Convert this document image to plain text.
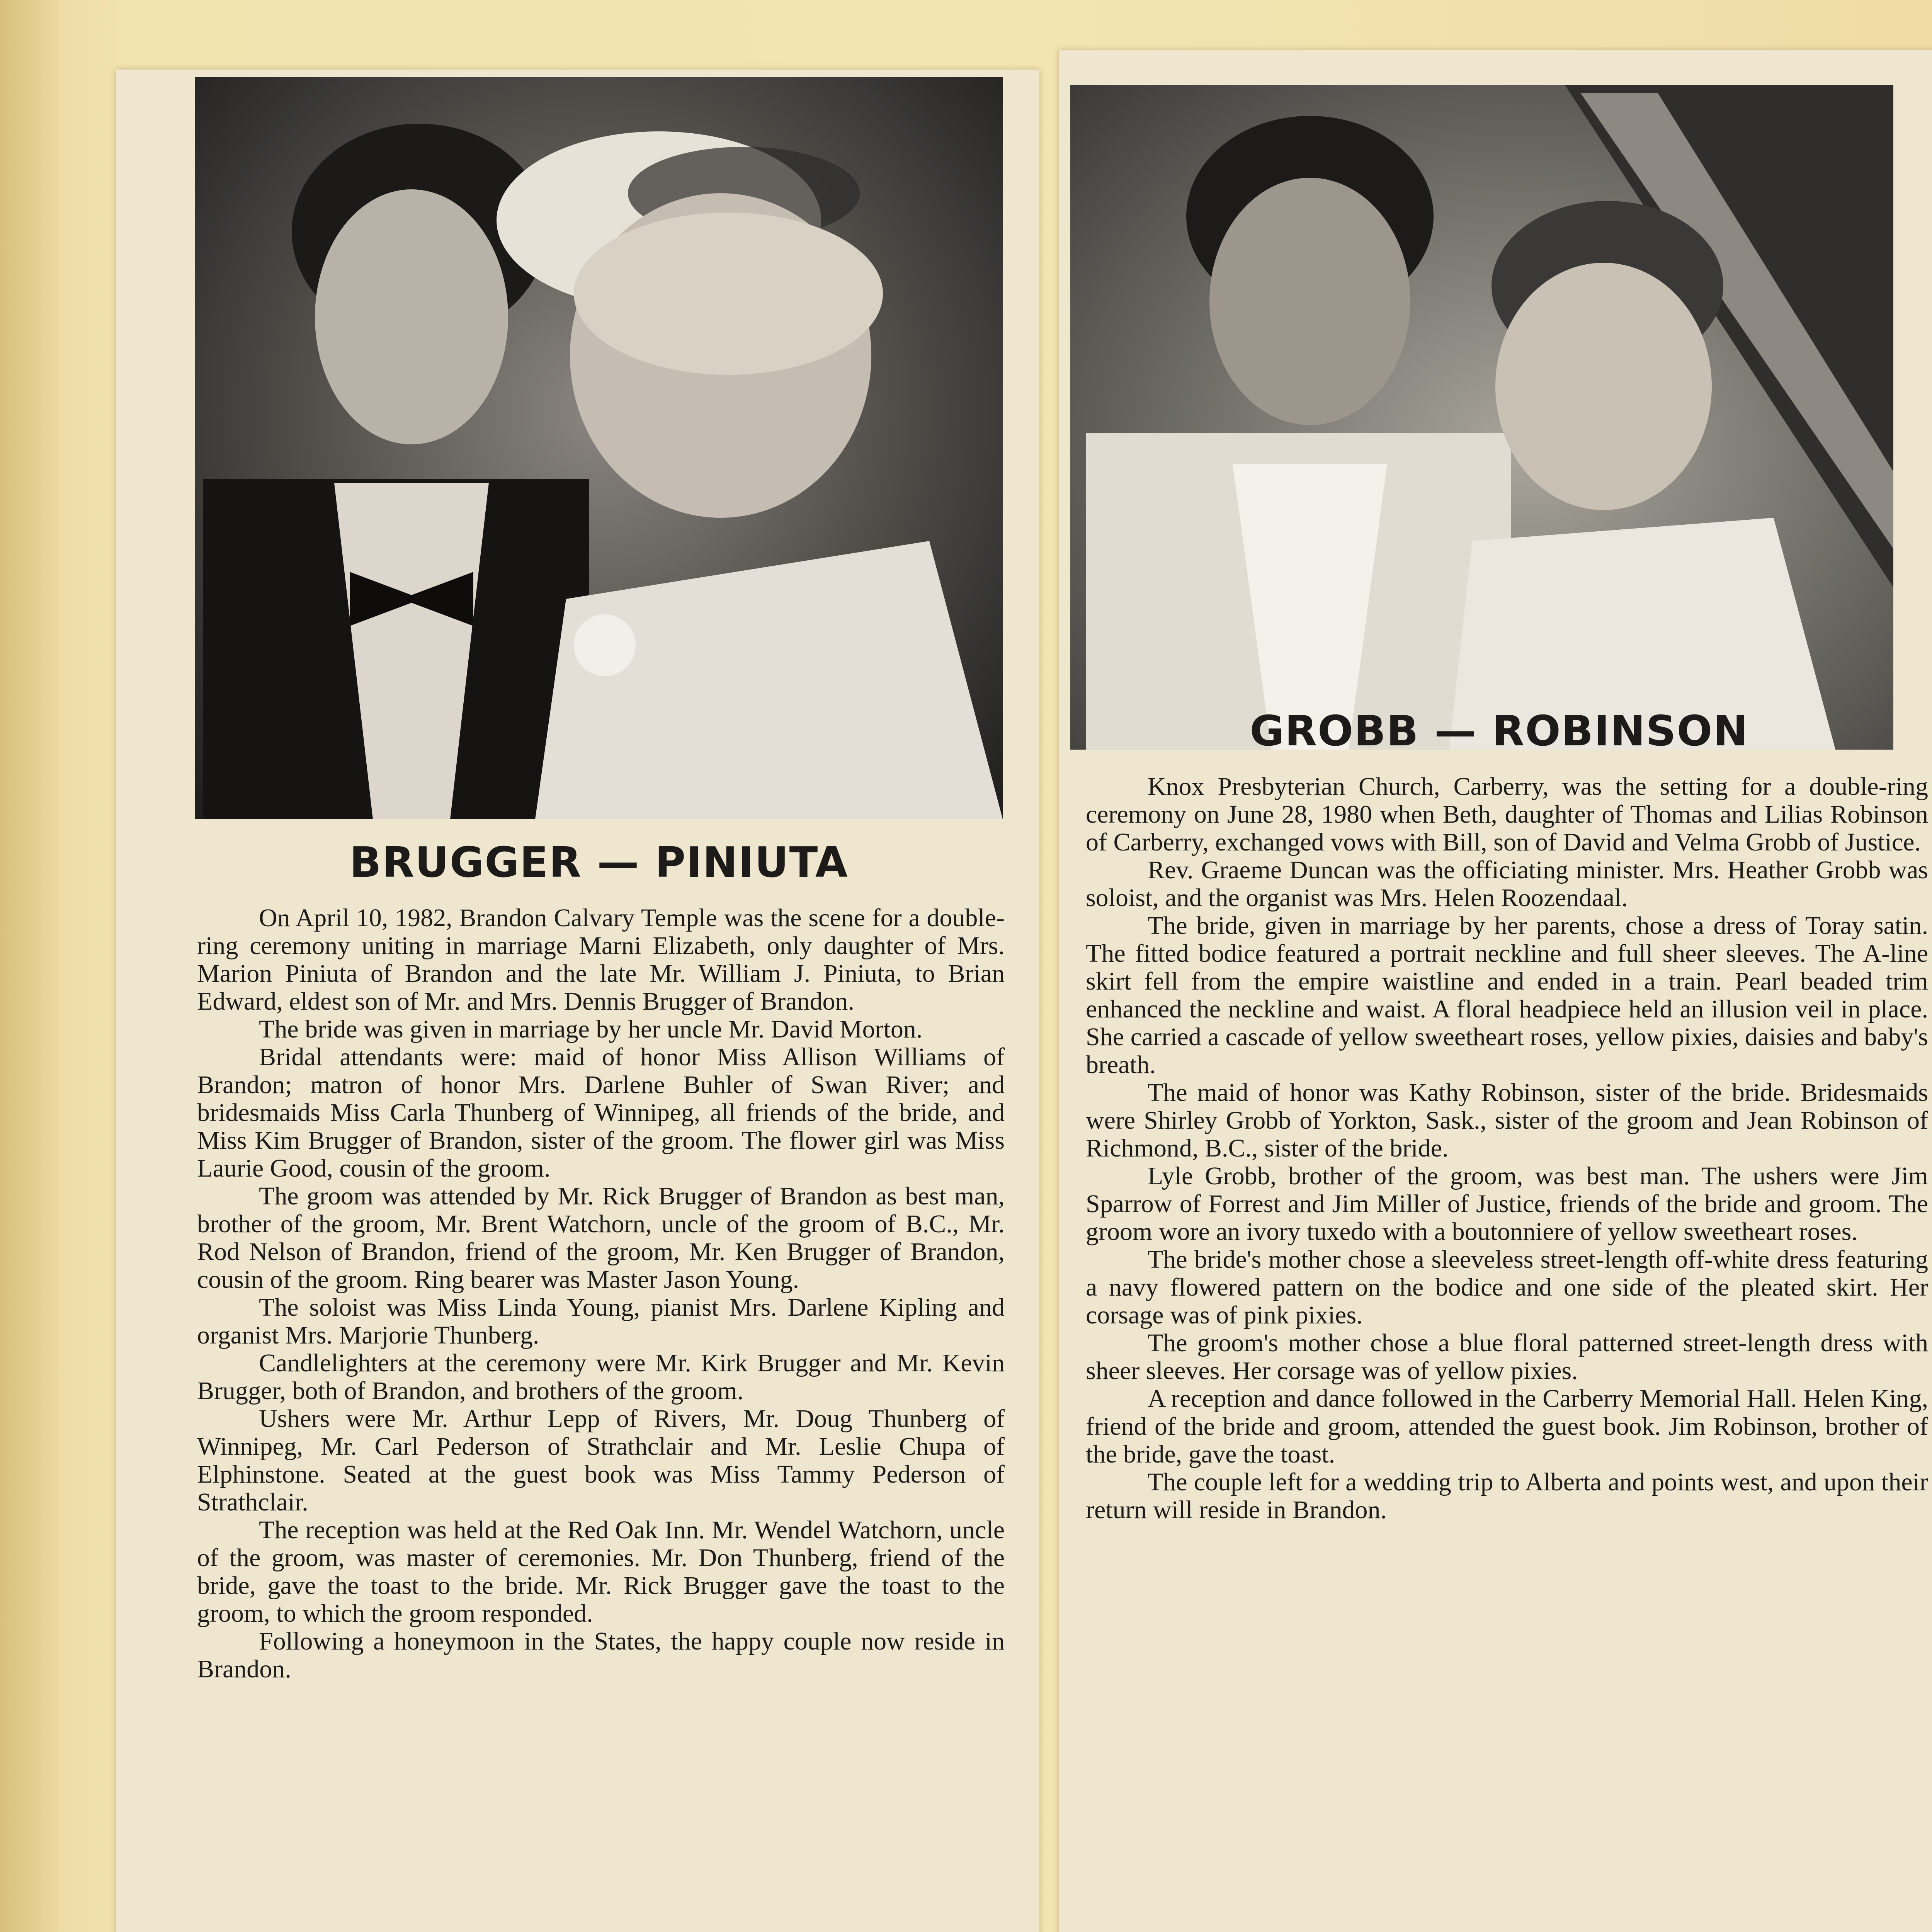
BRUGGER — PINIUTA

On April 10, 1982, Brandon Calvary Temple was the scene for a double-ring ceremony uniting in marriage Marni Elizabeth, only daughter of Mrs. Marion Piniuta of Brandon and the late Mr. William J. Piniuta, to Brian Edward, eldest son of Mr. and Mrs. Dennis Brugger of Brandon.

The bride was given in marriage by her uncle Mr. David Morton.

Bridal attendants were: maid of honor Miss Allison Williams of Brandon; matron of honor Mrs. Darlene Buhler of Swan River; and bridesmaids Miss Carla Thunberg of Winnipeg, all friends of the bride, and Miss Kim Brugger of Brandon, sister of the groom. The flower girl was Miss Laurie Good, cousin of the groom.

The groom was attended by Mr. Rick Brugger of Brandon as best man, brother of the groom, Mr. Brent Watchorn, uncle of the groom of B.C., Mr. Rod Nelson of Brandon, friend of the groom, Mr. Ken Brugger of Brandon, cousin of the groom. Ring bearer was Master Jason Young.

The soloist was Miss Linda Young, pianist Mrs. Darlene Kipling and organist Mrs. Marjorie Thunberg.

Candlelighters at the ceremony were Mr. Kirk Brugger and Mr. Kevin Brugger, both of Brandon, and brothers of the groom.

Ushers were Mr. Arthur Lepp of Rivers, Mr. Doug Thunberg of Winnipeg, Mr. Carl Pederson of Strathclair and Mr. Leslie Chupa of Elphinstone. Seated at the guest book was Miss Tammy Pederson of Strathclair.

The reception was held at the Red Oak Inn. Mr. Wendel Watchorn, uncle of the groom, was master of ceremonies. Mr. Don Thunberg, friend of the bride, gave the toast to the bride. Mr. Rick Brugger gave the toast to the groom, to which the groom responded.

Following a honeymoon in the States, the happy couple now reside in Brandon.

GROBB — ROBINSON

Knox Presbyterian Church, Carberry, was the setting for a double-ring ceremony on June 28, 1980 when Beth, daughter of Thomas and Lilias Robinson of Carberry, exchanged vows with Bill, son of David and Velma Grobb of Justice.

Rev. Graeme Duncan was the officiating minister. Mrs. Heather Grobb was soloist, and the organist was Mrs. Helen Roozendaal.

The bride, given in marriage by her parents, chose a dress of Toray satin. The fitted bodice featured a portrait neckline and full sheer sleeves. The A-line skirt fell from the empire waistline and ended in a train. Pearl beaded trim enhanced the neckline and waist. A floral headpiece held an illusion veil in place. She carried a cascade of yellow sweetheart roses, yellow pixies, daisies and baby's breath.

The maid of honor was Kathy Robinson, sister of the bride. Bridesmaids were Shirley Grobb of Yorkton, Sask., sister of the groom and Jean Robinson of Richmond, B.C., sister of the bride.

Lyle Grobb, brother of the groom, was best man. The ushers were Jim Sparrow of Forrest and Jim Miller of Justice, friends of the bride and groom. The groom wore an ivory tuxedo with a boutonniere of yellow sweetheart roses.

The bride's mother chose a sleeveless street-length off-white dress featuring a navy flowered pattern on the bodice and one side of the pleated skirt. Her corsage was of pink pixies.

The groom's mother chose a blue floral patterned street-length dress with sheer sleeves. Her corsage was of yellow pixies.

A reception and dance followed in the Carberry Memorial Hall. Helen King, friend of the bride and groom, attended the guest book. Jim Robinson, brother of the bride, gave the toast.

The couple left for a wedding trip to Alberta and points west, and upon their return will reside in Brandon.
